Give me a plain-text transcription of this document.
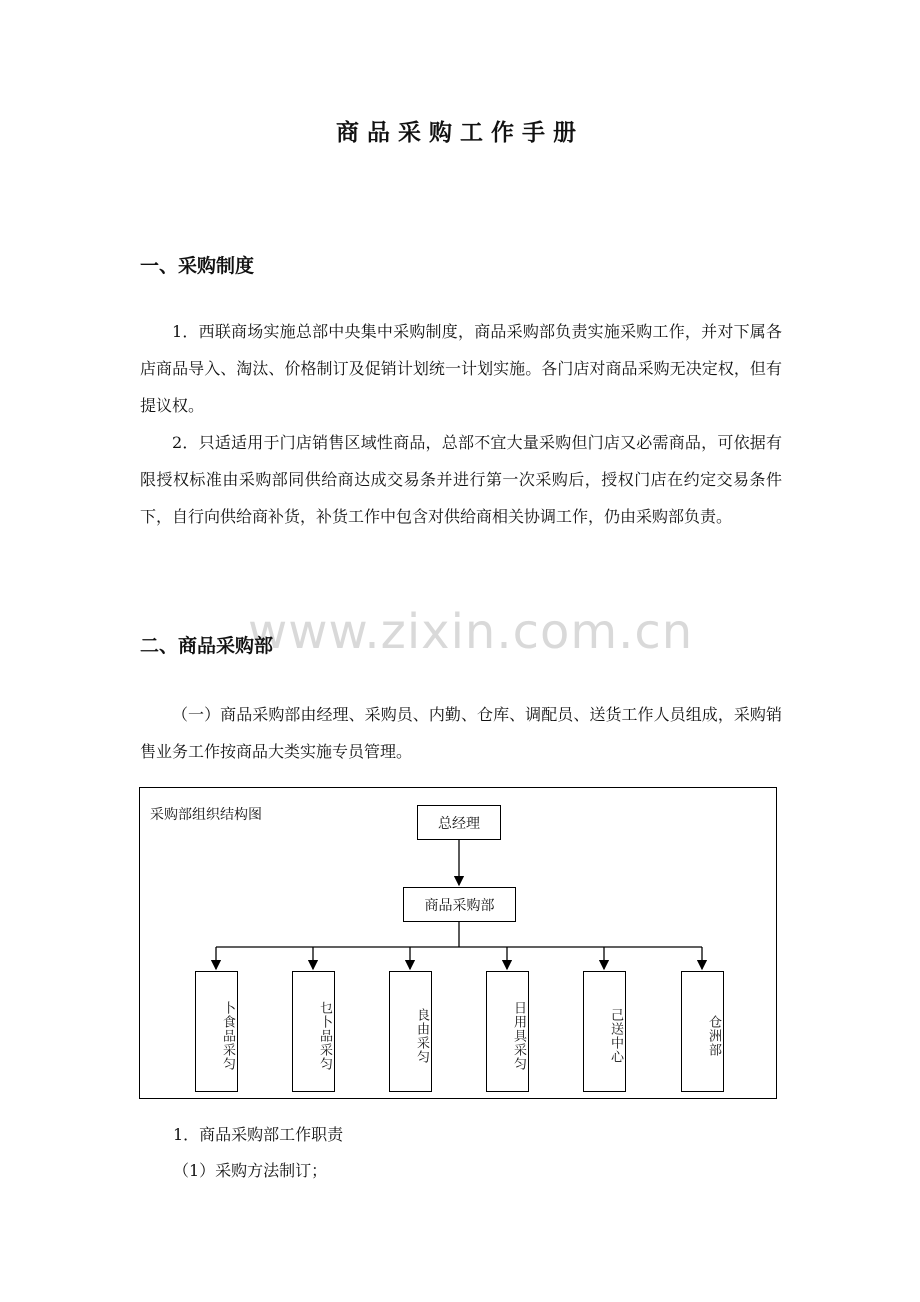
商品采购工作手册
一、采购制度
1．西联商场实施总部中央集中采购制度，商品采购部负责实施采购工作，并对下属各店商品导入、淘汰、价格制订及促销计划统一计划实施。各门店对商品采购无决定权，但有提议权。
2．只适适用于门店销售区域性商品，总部不宜大量采购但门店又必需商品，可依据有限授权标准由采购部同供给商达成交易条并进行第一次采购后，授权门店在约定交易条件下，自行向供给商补货，补货工作中包含对供给商相关协调工作，仍由采购部负责。
www.zixin.com.cn
二、商品采购部
（一）商品采购部由经理、采购员、内勤、仓库、调配员、送货工作人员组成，采购销售业务工作按商品大类实施专员管理。
采购部组织结构图
总经理
商品采购部
卜食品采匀	乜卜品采匀	良由采匀	日用具采匀	己送中心	仓洲部
1．商品采购部工作职责
（1）采购方法制订；
